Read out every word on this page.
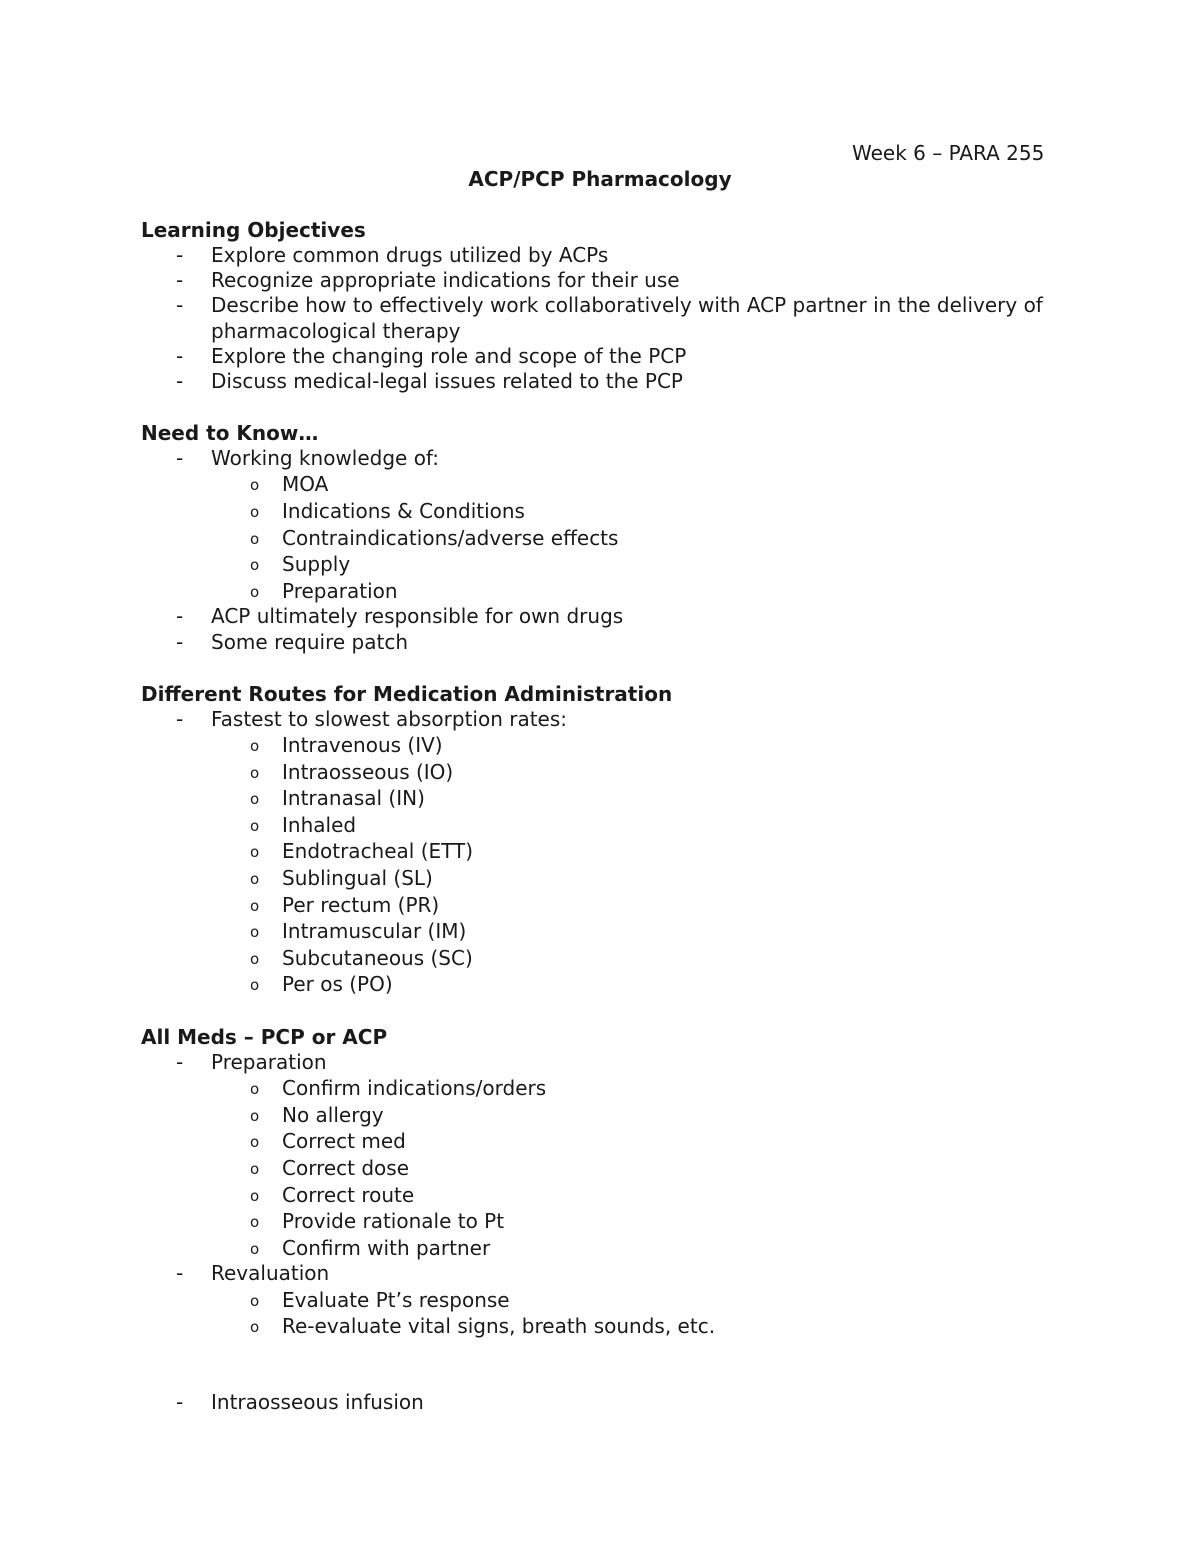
Week 6 – PARA 255
ACP/PCP Pharmacology
Learning Objectives
- Explore common drugs utilized by ACPs
- Recognize appropriate indications for their use
- Describe how to effectively work collaboratively with ACP partner in the delivery of pharmacological therapy
- Explore the changing role and scope of the PCP
- Discuss medical-legal issues related to the PCP
Need to Know…
- Working knowledge of:
o MOA
o Indications & Conditions
o Contraindications/adverse effects
o Supply
o Preparation
- ACP ultimately responsible for own drugs
- Some require patch
Different Routes for Medication Administration
- Fastest to slowest absorption rates:
o Intravenous (IV)
o Intraosseous (IO)
o Intranasal (IN)
o Inhaled
o Endotracheal (ETT)
o Sublingual (SL)
o Per rectum (PR)
o Intramuscular (IM)
o Subcutaneous (SC)
o Per os (PO)
All Meds – PCP or ACP
- Preparation
o Confirm indications/orders
o No allergy
o Correct med
o Correct dose
o Correct route
o Provide rationale to Pt
o Confirm with partner
- Revaluation
o Evaluate Pt’s response
o Re-evaluate vital signs, breath sounds, etc.
- Intraosseous infusion
